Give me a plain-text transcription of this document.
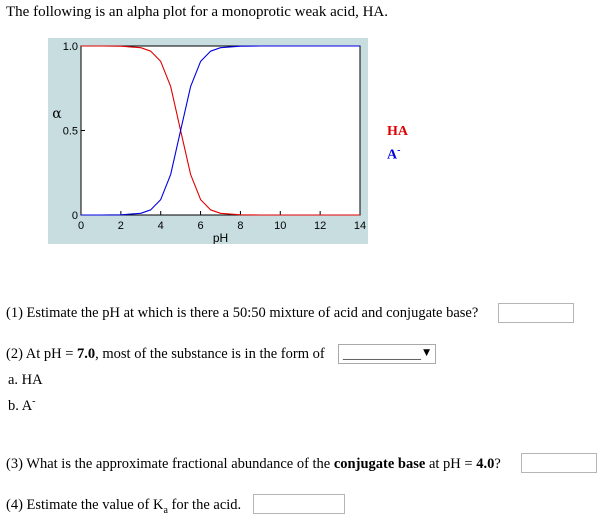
The following is an alpha plot for a monoprotic weak acid, HA.
0	2	4	6	8	10	12	14
0
0.5
1.0
pH
α
HA
A-
(1) Estimate the pH at which is there a 50:50 mixture of acid and conjugate base?
(2) At pH = 7.0, most of the substance is in the form of ____________ ▼
a. HA
b. A-
(3) What is the approximate fractional abundance of the conjugate base at pH = 4.0?
(4) Estimate the value of $K_a$ for the acid.
